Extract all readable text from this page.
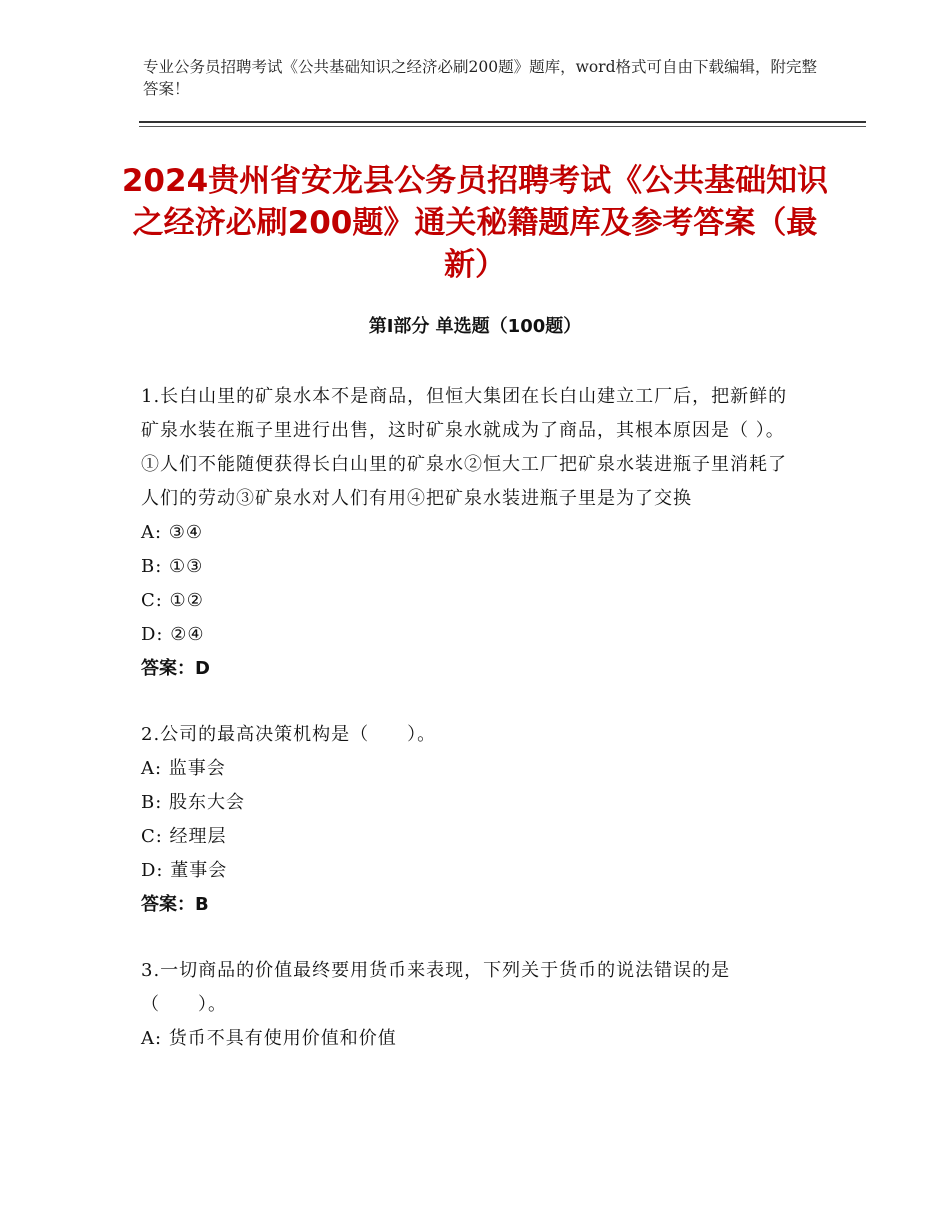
专业公务员招聘考试《公共基础知识之经济必刷200题》题库，word格式可自由下载编辑，附完整答案！
2024贵州省安龙县公务员招聘考试《公共基础知识之经济必刷200题》通关秘籍题库及参考答案（最新）
第Ⅰ部分 单选题（100题）
1.长白山里的矿泉水本不是商品，但恒大集团在长白山建立工厂后，把新鲜的矿泉水装在瓶子里进行出售，这时矿泉水就成为了商品，其根本原因是（ ）。①人们不能随便获得长白山里的矿泉水②恒大工厂把矿泉水装进瓶子里消耗了人们的劳动③矿泉水对人们有用④把矿泉水装进瓶子里是为了交换
A: ③④
B: ①③
C: ①②
D: ②④
答案：D
2.公司的最高决策机构是（　　）。
A: 监事会
B: 股东大会
C: 经理层
D: 董事会
答案：B
3.一切商品的价值最终要用货币来表现，下列关于货币的说法错误的是（　　）。
A: 货币不具有使用价值和价值
